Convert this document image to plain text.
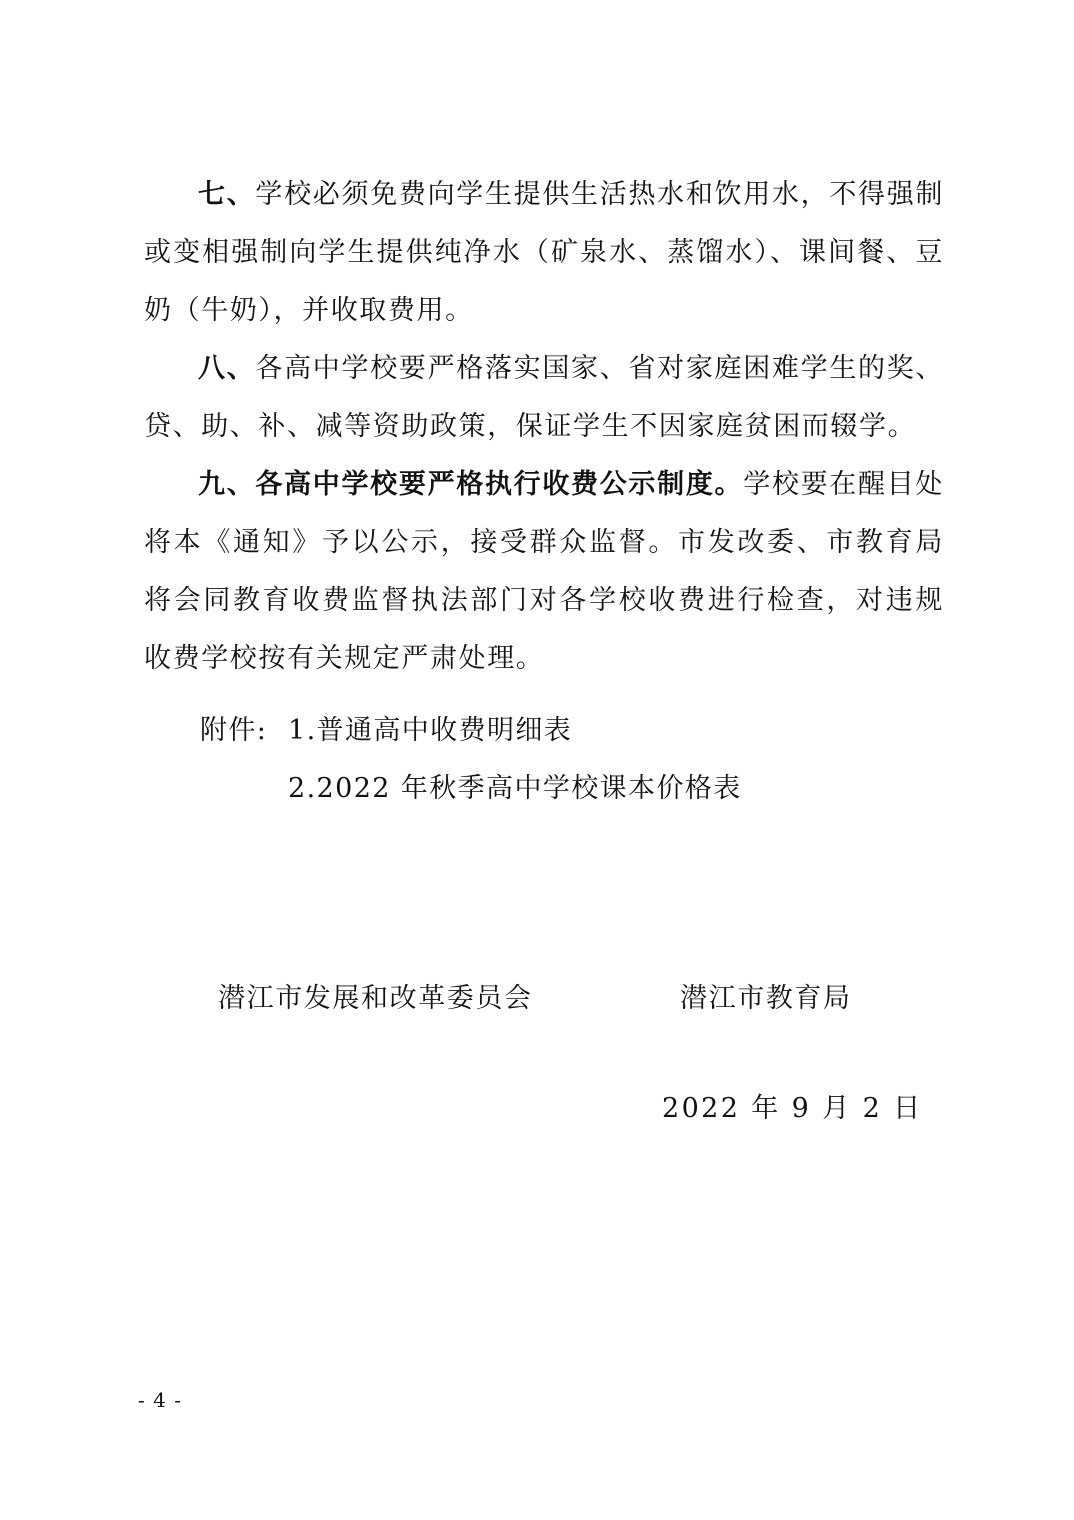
七、学校必须免费向学生提供生活热水和饮用水，不得强制或变相强制向学生提供纯净水（矿泉水、蒸馏水）、课间餐、豆奶（牛奶），并收取费用。

八、各高中学校要严格落实国家、省对家庭困难学生的奖、贷、助、补、减等资助政策，保证学生不因家庭贫困而辍学。

九、各高中学校要严格执行收费公示制度。学校要在醒目处将本《通知》予以公示，接受群众监督。市发改委、市教育局将会同教育收费监督执法部门对各学校收费进行检查，对违规收费学校按有关规定严肃处理。

附件: 1.普通高中收费明细表
2.2022 年秋季高中学校课本价格表
潜江市发展和改革委员会	潜江市教育局
2022 年 9 月 2 日
- 4 -
